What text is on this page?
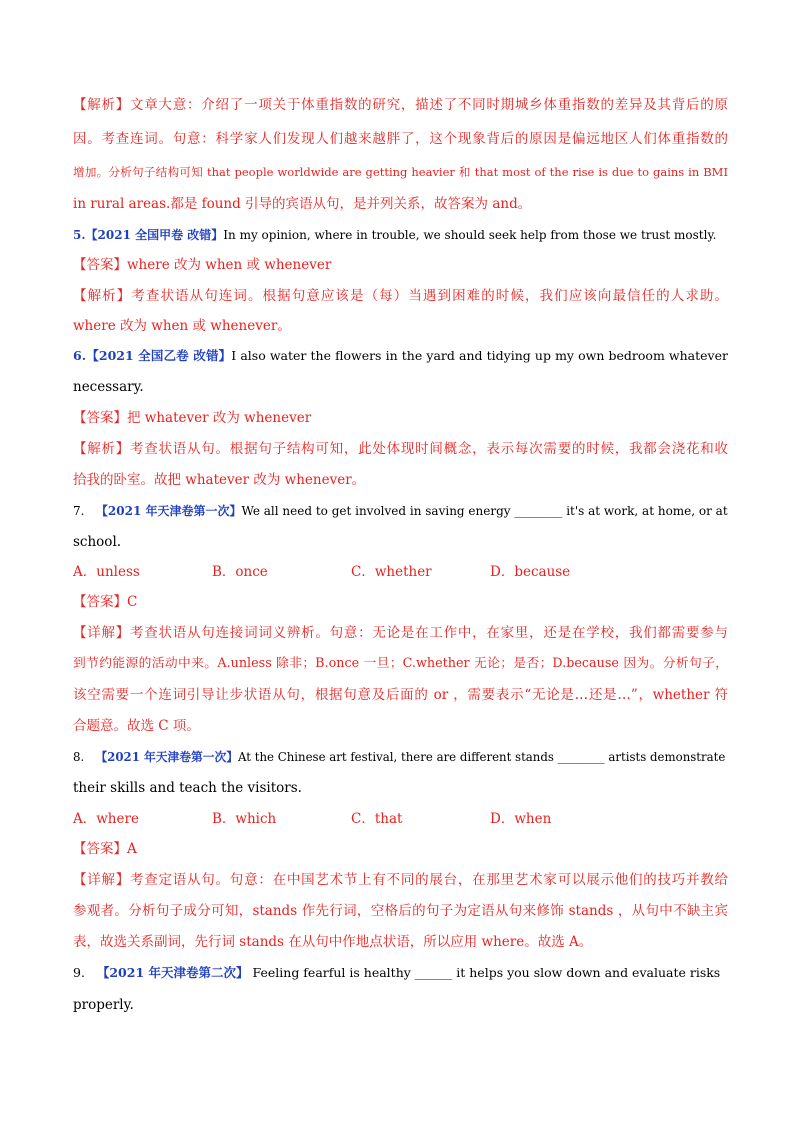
【解析】文章大意：介绍了一项关于体重指数的研究，描述了不同时期城乡体重指数的差异及其背后的原
因。考查连词。句意：科学家人们发现人们越来越胖了，这个现象背后的原因是偏远地区人们体重指数的
增加。分析句子结构可知 that people worldwide are getting heavier 和 that most of the rise is due to gains in BMI
in rural areas.都是 found 引导的宾语从句，是并列关系，故答案为 and。
5.【2021 全国甲卷 改错】In my opinion, where in trouble, we should seek help from those we trust mostly.
【答案】where 改为 when 或 whenever
【解析】考查状语从句连词。根据句意应该是（每）当遇到困难的时候，我们应该向最信任的人求助。
where 改为 when 或 whenever。
6.【2021 全国乙卷 改错】I also water the flowers in the yard and tidying up my own bedroom whatever
necessary.
【答案】把 whatever 改为 whenever
【解析】考查状语从句。根据句子结构可知，此处体现时间概念，表示每次需要的时候，我都会浇花和收
拾我的卧室。故把 whatever 改为 whenever。
7. 【2021 年天津卷第一次】We all need to get involved in saving energy ________ it's at work, at home, or at
school.
A．unless	B．once	C．whether	D．because
【答案】C
【详解】考查状语从句连接词词义辨析。句意：无论是在工作中，在家里，还是在学校，我们都需要参与
到节约能源的活动中来。A.unless 除非；B.once 一旦；C.whether 无论；是否；D.because 因为。分析句子，
该空需要一个连词引导让步状语从句，根据句意及后面的 or ，需要表示“无论是…还是…”，whether 符
合题意。故选 C 项。
8. 【2021 年天津卷第一次】At the Chinese art festival, there are different stands ________ artists demonstrate
their skills and teach the visitors.
A．where	B．which	C．that	D．when
【答案】A
【详解】考查定语从句。句意：在中国艺术节上有不同的展台，在那里艺术家可以展示他们的技巧并教给
参观者。分析句子成分可知，stands 作先行词，空格后的句子为定语从句来修饰 stands ，从句中不缺主宾
表，故选关系副词，先行词 stands 在从句中作地点状语，所以应用 where。故选 A。
9. 【2021 年天津卷第二次】 Feeling fearful is healthy ______ it helps you slow down and evaluate risks
properly.
